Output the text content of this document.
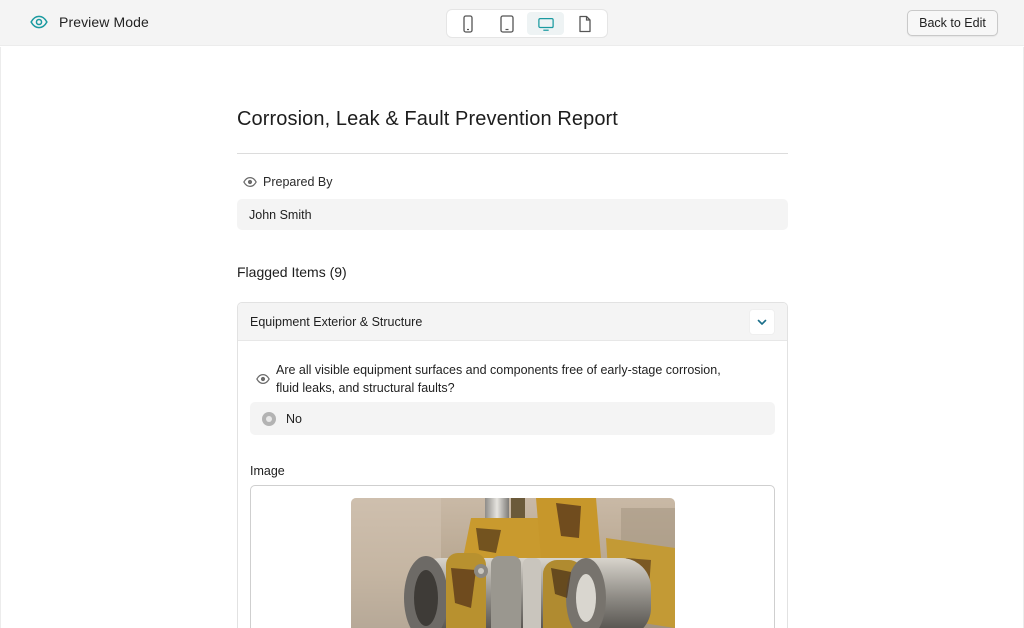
Preview Mode	Back to Edit
Corrosion, Leak & Fault Prevention Report
Prepared By
John Smith
Flagged Items (9)
Equipment Exterior & Structure
Are all visible equipment surfaces and components free of early-stage corrosion, fluid leaks, and structural faults?
No
Image
